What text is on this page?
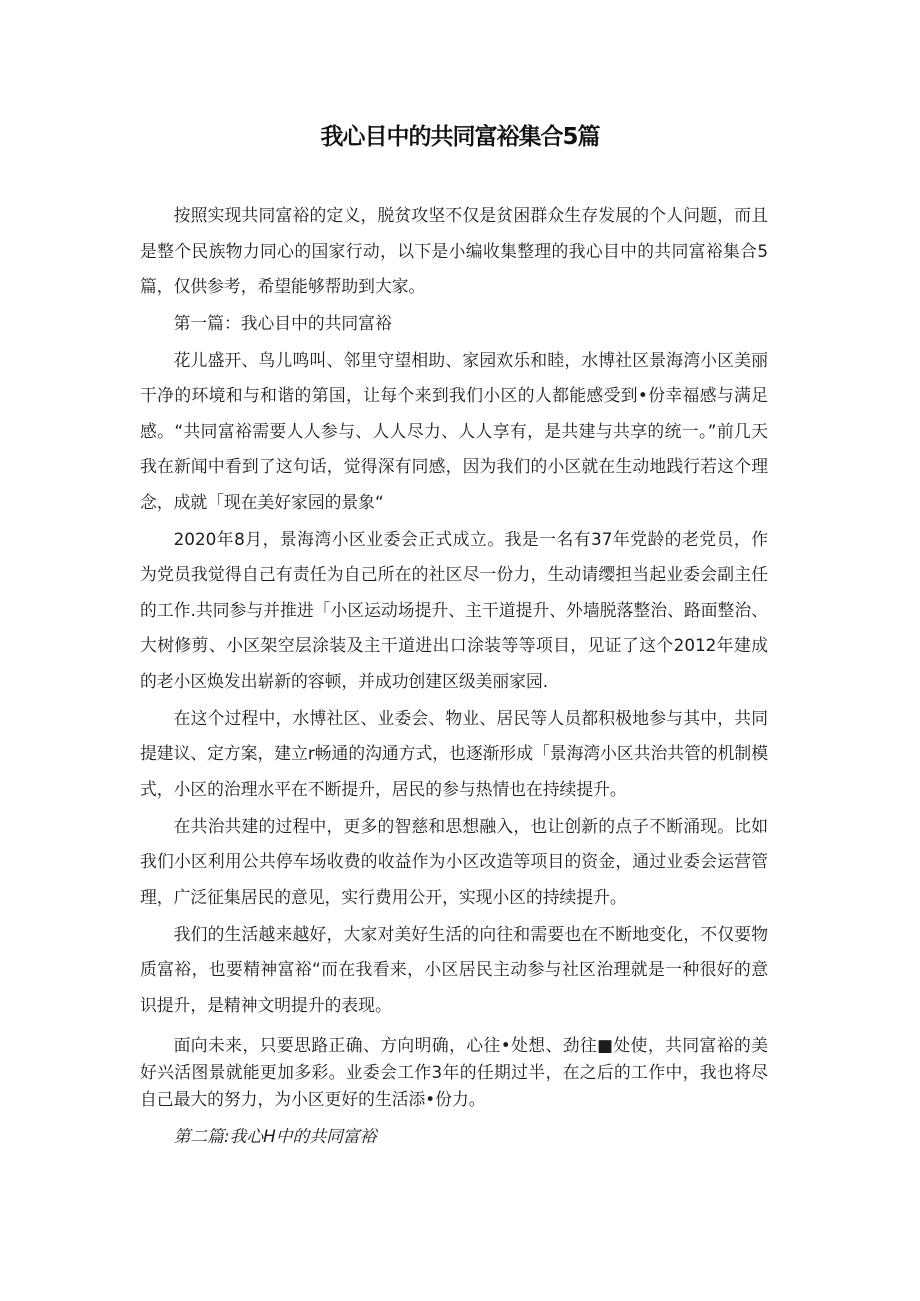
我心目中的共同富裕集合5篇

按照实现共同富裕的定义，脱贫攻坚不仅是贫困群众生存发展的个人问题，而且是整个民族物力同心的国家行动，以下是小编收集整理的我心目中的共同富裕集合5篇，仅供参考，希望能够帮助到大家。

第一篇：我心目中的共同富裕

花儿盛开、鸟儿鸣叫、邻里守望相助、家园欢乐和睦，水博社区景海湾小区美丽干净的环境和与和谐的第国，让每个来到我们小区的人都能感受到•份幸福感与满足感。“共同富裕需要人人参与、人人尽力、人人享有，是共建与共享的统一。”前几天我在新闻中看到了这句话，觉得深有同感，因为我们的小区就在生动地践行若这个理念，成就「现在美好家园的景象“

2020年8月，景海湾小区业委会正式成立。我是一名有37年党龄的老党员，作为党员我觉得自己有责任为自己所在的社区尽一份力，生动请缨担当起业委会副主任的工作.共同参与并推进「小区运动场提升、主干道提升、外墙脱落整治、路面整治、大树修剪、小区架空层涂装及主干道进出口涂装等等项目，见证了这个2012年建成的老小区焕发出崭新的容顿，并成功创建区级美丽家园.

在这个过程中，水博社区、业委会、物业、居民等人员都积极地参与其中，共同提建议、定方案，建立r畅通的沟通方式，也逐渐形成「景海湾小区共治共管的机制模式，小区的治理水平在不断提升，居民的参与热情也在持续提升。

在共治共建的过程中，更多的智慈和思想融入，也让创新的点子不断涌现。比如我们小区利用公共停车场收费的收益作为小区改造等项目的资金，通过业委会运营管理，广泛征集居民的意见，实行费用公开，实现小区的持续提升。

我们的生活越来越好，大家对美好生活的向往和需要也在不断地变化，不仅要物质富裕，也要精神富裕“而在我看来，小区居民主动参与社区治理就是一种很好的意识提升，是精神文明提升的表现。

面向未来，只要思路正确、方向明确，心往•处想、劲往■处使，共同富裕的美好兴活图景就能更加多彩。业委会工作3年的任期过半，在之后的工作中，我也将尽自己最大的努力，为小区更好的生活添•份力。

第二篇:我心H中的共同富裕
